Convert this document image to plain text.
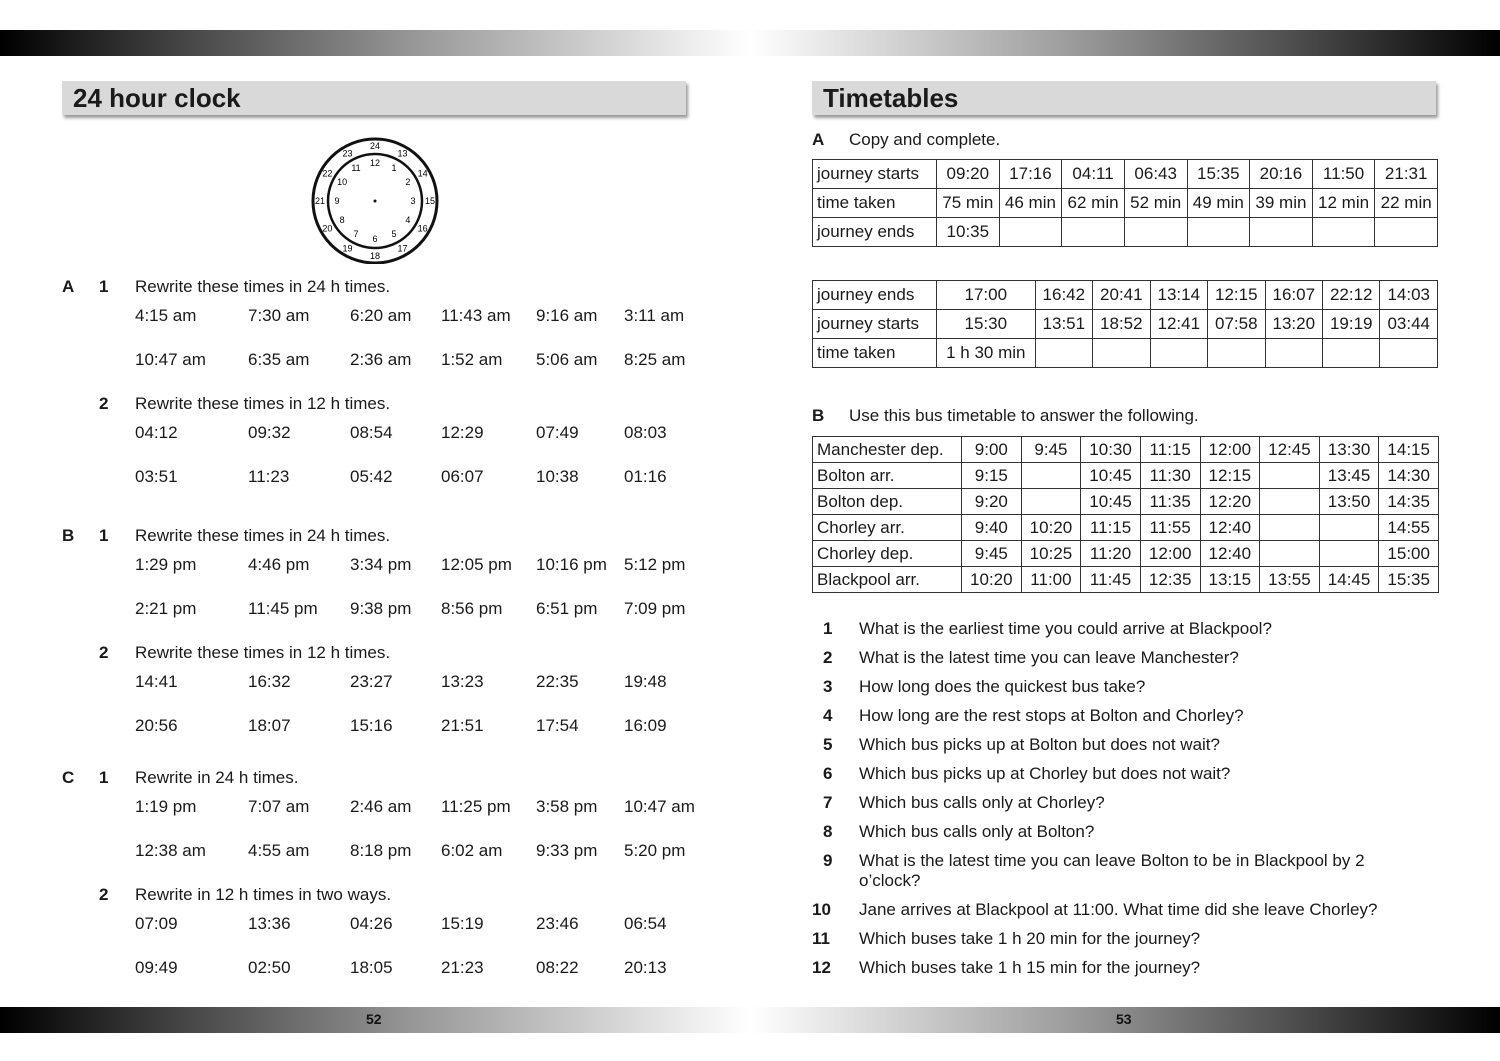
52	53
24 hour clock
24
13
14
15
16
17
18
19
20
21
22
23
12
1
2
3
4
5
6
7
8
9
10
11
A 1 Rewrite these times in 24 h times.
4:15 am	7:30 am 6:20 am 11:43 am 9:16 am 3:11 am
10:47 am 6:35 am 2:36 am 1:52 am 5:06 am 8:25 am
2 Rewrite these times in 12 h times.
04:12	09:32	08:54	12:29	07:49	08:03
03:51	11:23	05:42	06:07	10:38	01:16
B 1 Rewrite these times in 24 h times.
1:29 pm	4:46 pm 3:34 pm 12:05 pm 10:16 pm 5:12 pm
2:21 pm	11:45 pm 9:38 pm 8:56 pm 6:51 pm 7:09 pm
2 Rewrite these times in 12 h times.
14:41	16:32	23:27	13:23	22:35	19:48
20:56	18:07	15:16	21:51	17:54	16:09
C 1 Rewrite in 24 h times.
1:19 pm	7:07 am 2:46 am 11:25 pm 3:58 pm 10:47 am
12:38 am 4:55 am 8:18 pm 6:02 am 9:33 pm 5:20 pm
2 Rewrite in 12 h times in two ways.
07:09	13:36	04:26	15:19	23:46	06:54
09:49	02:50	18:05	21:23	08:22	20:13
Timetables
A Copy and complete.
journey starts	09:20	17:16	04:11	06:43	15:35	20:16	11:50	21:31
time taken	75 min	46 min	62 min	52 min	49 min	39 min	12 min	22 min
journey ends	10:35							
journey ends	17:00	16:42	20:41	13:14	12:15	16:07	22:12	14:03
journey starts	15:30	13:51	18:52	12:41	07:58	13:20	19:19	03:44
time taken	1 h 30 min							
B Use this bus timetable to answer the following.
Manchester dep.	9:00	9:45	10:30	11:15	12:00	12:45	13:30	14:15
Bolton arr.	9:15		10:45	11:30	12:15		13:45	14:30
Bolton dep.	9:20		10:45	11:35	12:20		13:50	14:35
Chorley arr.	9:40	10:20	11:15	11:55	12:40			14:55
Chorley dep.	9:45	10:25	11:20	12:00	12:40			15:00
Blackpool arr.	10:20	11:00	11:45	12:35	13:15	13:55	14:45	15:35
1	What is the earliest time you could arrive at Blackpool?
2	What is the latest time you can leave Manchester?
3	How long does the quickest bus take?
4	How long are the rest stops at Bolton and Chorley?
5	Which bus picks up at Bolton but does not wait?
6	Which bus picks up at Chorley but does not wait?
7	Which bus calls only at Chorley?
8	Which bus calls only at Bolton?
9	What is the latest time you can leave Bolton to be in Blackpool by 2 o’clock?
10	Jane arrives at Blackpool at 11:00. What time did she leave Chorley?
11	Which buses take 1 h 20 min for the journey?
12	Which buses take 1 h 15 min for the journey?
